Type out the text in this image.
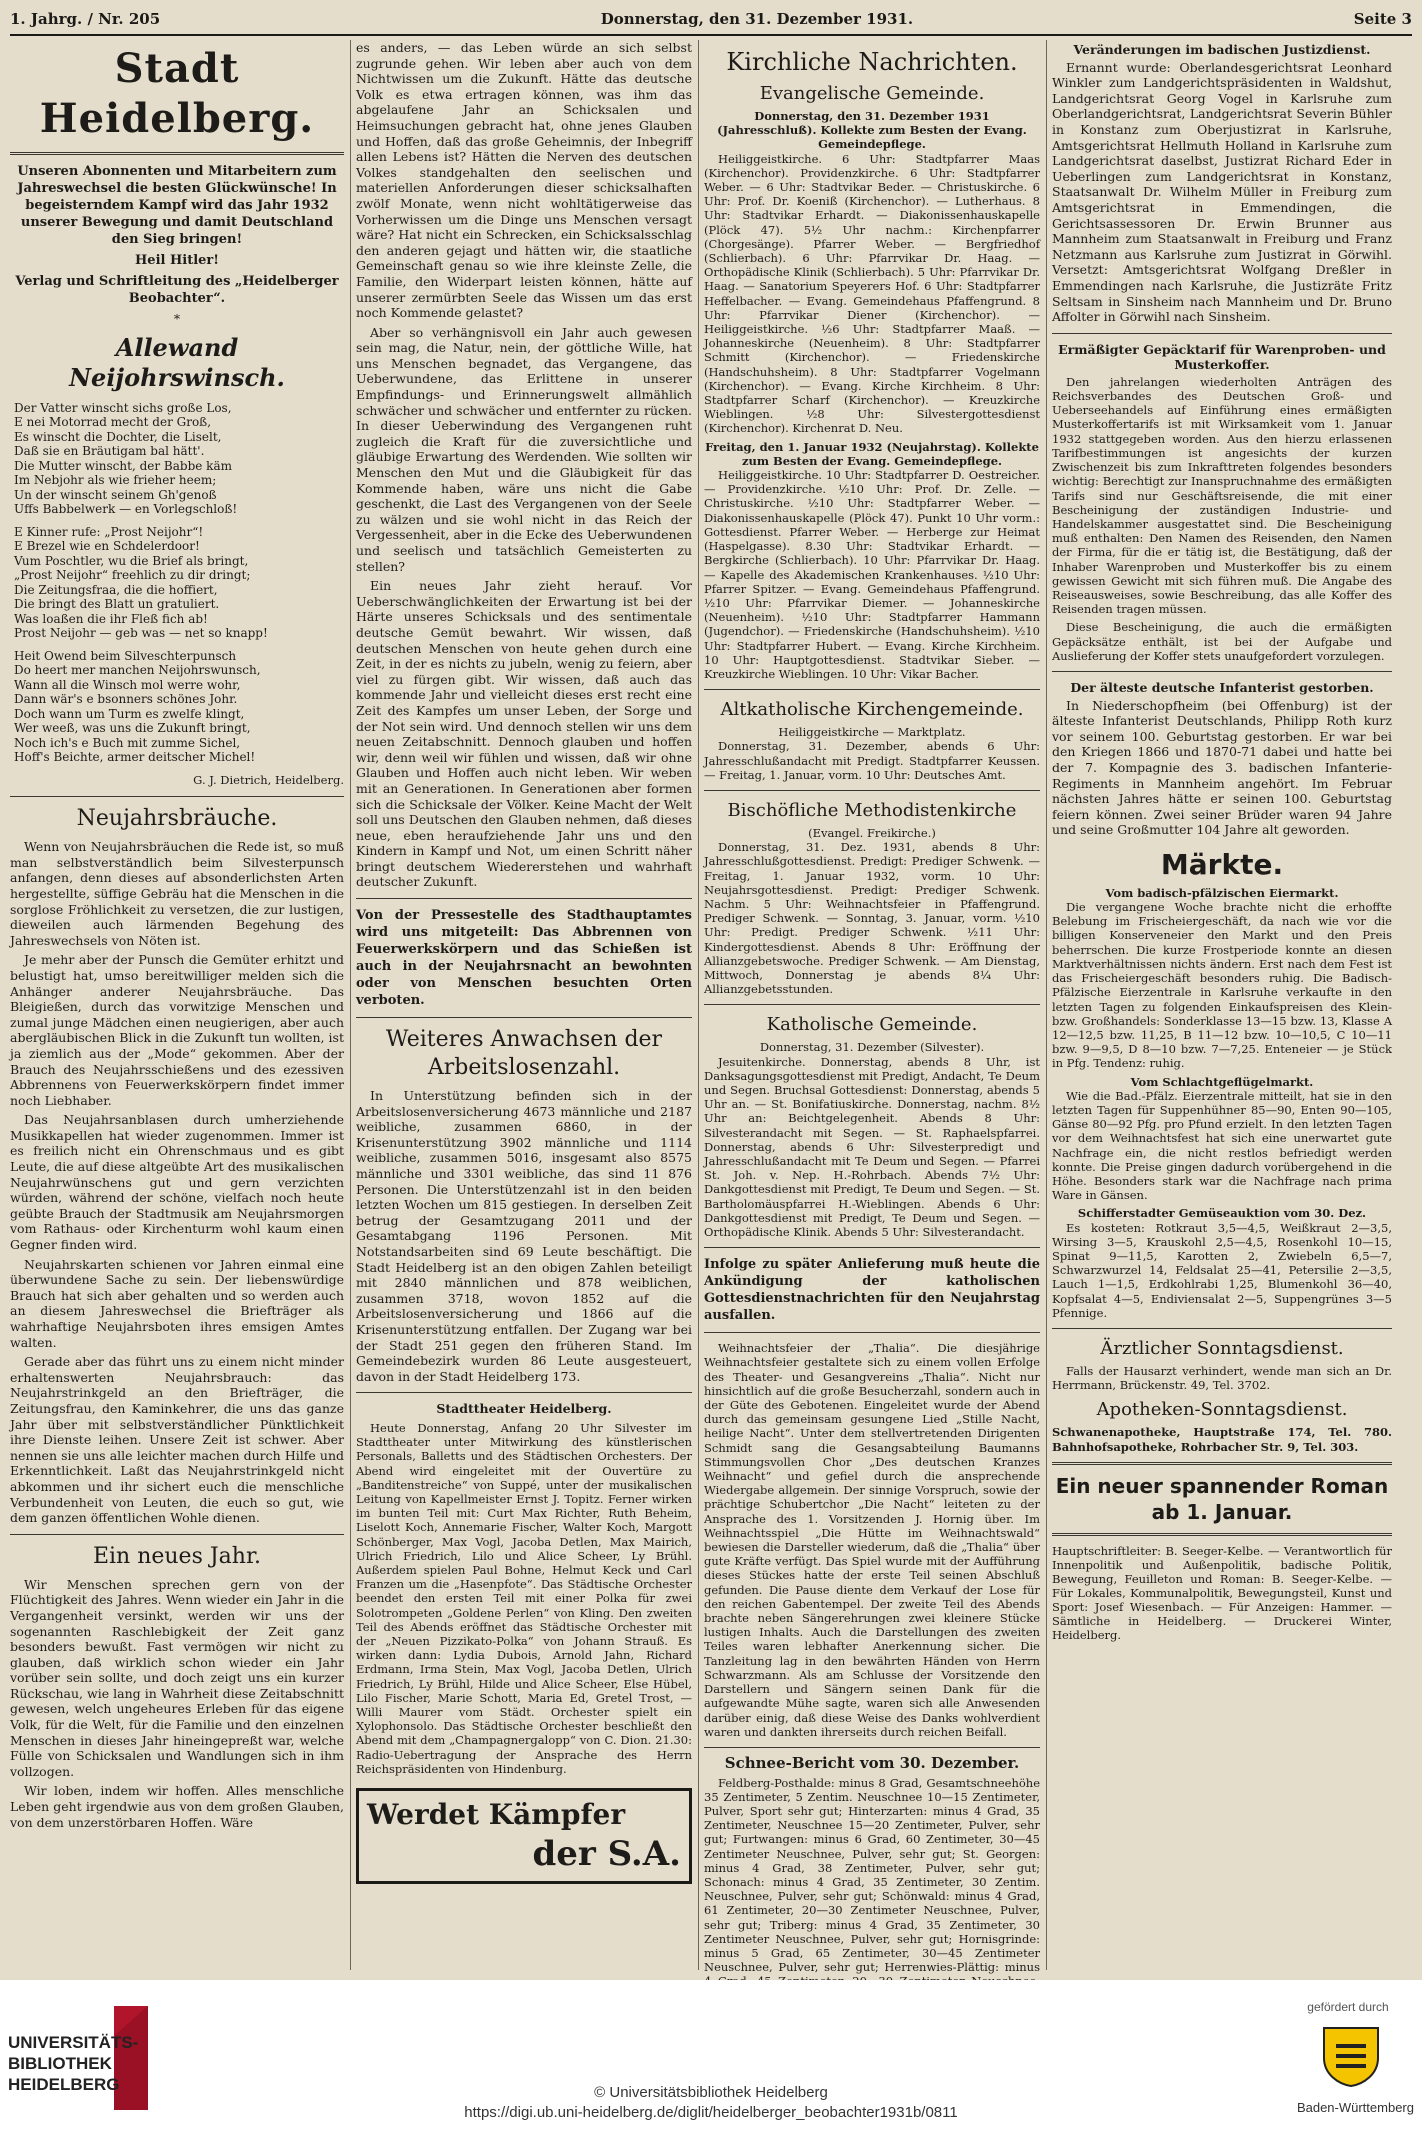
1. Jahrg. / Nr. 205	Donnerstag, den 31. Dezember 1931.	Seite 3
Stadt Heidelberg.
Unseren Abonnenten und Mitarbeitern zum Jahreswechsel die besten Glückwünsche! In begeisterndem Kampf wird das Jahr 1932 unserer Bewegung und damit Deutschland den Sieg bringen!
Heil Hitler!
Verlag und Schriftleitung des „Heidelberger Beobachter“.
*
Allewand Neijohrswinsch.
Der Vatter winscht sichs große Los,
E nei Motorrad mecht der Groß,
Es winscht die Dochter, die Liselt,
Daß sie en Bräutigam bal hätt'.
Die Mutter winscht, der Babbe käm
Im Nebjohr als wie frieher heem;
Un der winscht seinem Gh'genoß
Uffs Babbelwerk — en Vorlegschloß!
E Kinner rufe: „Prost Neijohr“!
E Brezel wie en Schdelerdoor!
Vum Poschtler, wu die Brief als bringt,
„Prost Neijohr“ freehlich zu dir dringt;
Die Zeitungsfraa, die die hoffiert,
Die bringt des Blatt un gratuliert.
Was loaßen die ihr Fleß fich ab!
Prost Neijohr — geb was — net so knapp!
Heit Owend beim Silveschterpunsch
Do heert mer manchen Neijohrswunsch,
Wann all die Winsch mol werre wohr,
Dann wär's e bsonners schönes Johr.
Doch wann um Turm es zwelfe klingt,
Wer weeß, was uns die Zukunft bringt,
Noch ich's e Buch mit zumme Sichel,
Hoff's Beichte, armer deitscher Michel!
G. J. Dietrich, Heidelberg.
Neujahrsbräuche.

Wenn von Neujahrsbräuchen die Rede ist, so muß man selbstverständlich beim Silvesterpunsch anfangen, denn dieses auf absonderlichsten Arten hergestellte, süffige Gebräu hat die Menschen in die sorglose Fröhlichkeit zu versetzen, die zur lustigen, dieweilen auch lärmenden Begehung des Jahreswechsels von Nöten ist.

Je mehr aber der Punsch die Gemüter erhitzt und belustigt hat, umso bereitwilliger melden sich die Anhänger anderer Neujahrsbräuche. Das Bleigießen, durch das vorwitzige Menschen und zumal junge Mädchen einen neugierigen, aber auch abergläubischen Blick in die Zukunft tun wollten, ist ja ziemlich aus der „Mode“ gekommen. Aber der Brauch des Neujahrsschießens und des ezessiven Abbrennens von Feuerwerkskörpern findet immer noch Liebhaber.

Das Neujahrsanblasen durch umherziehende Musikkapellen hat wieder zugenommen. Immer ist es freilich nicht ein Ohrenschmaus und es gibt Leute, die auf diese altgeübte Art des musikalischen Neujahrwünschens gut und gern verzichten würden, während der schöne, vielfach noch heute geübte Brauch der Stadtmusik am Neujahrsmorgen vom Rathaus- oder Kirchenturm wohl kaum einen Gegner finden wird.

Neujahrskarten schienen vor Jahren einmal eine überwundene Sache zu sein. Der liebenswürdige Brauch hat sich aber gehalten und so werden auch an diesem Jahreswechsel die Briefträger als wahrhaftige Neujahrsboten ihres emsigen Amtes walten.

Gerade aber das führt uns zu einem nicht minder erhaltenswerten Neujahrsbrauch: das Neujahrstrinkgeld an den Briefträger, die Zeitungsfrau, den Kaminkehrer, die uns das ganze Jahr über mit selbstverständlicher Pünktlichkeit ihre Dienste leihen. Unsere Zeit ist schwer. Aber nennen sie uns alle leichter machen durch Hilfe und Erkenntlichkeit. Laßt das Neujahrstrinkgeld nicht abkommen und ihr sichert euch die menschliche Verbundenheit von Leuten, die euch so gut, wie dem ganzen öffentlichen Wohle dienen.

Ein neues Jahr.

Wir Menschen sprechen gern von der Flüchtigkeit des Jahres. Wenn wieder ein Jahr in die Vergangenheit versinkt, werden wir uns der sogenannten Raschlebigkeit der Zeit ganz besonders bewußt. Fast vermögen wir nicht zu glauben, daß wirklich schon wieder ein Jahr vorüber sein sollte, und doch zeigt uns ein kurzer Rückschau, wie lang in Wahrheit diese Zeitabschnitt gewesen, welch ungeheures Erleben für das eigene Volk, für die Welt, für die Familie und den einzelnen Menschen in dieses Jahr hineingepreßt war, welche Fülle von Schicksalen und Wandlungen sich in ihm vollzogen.

Wir loben, indem wir hoffen. Alles menschliche Leben geht irgendwie aus von dem großen Glauben, von dem unzerstörbaren Hoffen. Wäre

es anders, — das Leben würde an sich selbst zugrunde gehen. Wir leben aber auch von dem Nichtwissen um die Zukunft. Hätte das deutsche Volk es etwa ertragen können, was ihm das abgelaufene Jahr an Schicksalen und Heimsuchungen gebracht hat, ohne jenes Glauben und Hoffen, daß das große Geheimnis, der Inbegriff allen Lebens ist? Hätten die Nerven des deutschen Volkes standgehalten den seelischen und materiellen Anforderungen dieser schicksalhaften zwölf Monate, wenn nicht wohltätigerweise das Vorherwissen um die Dinge uns Menschen versagt wäre? Hat nicht ein Schrecken, ein Schicksalsschlag den anderen gejagt und hätten wir, die staatliche Gemeinschaft genau so wie ihre kleinste Zelle, die Familie, den Widerpart leisten können, hätte auf unserer zermürbten Seele das Wissen um das erst noch Kommende gelastet?

Aber so verhängnisvoll ein Jahr auch gewesen sein mag, die Natur, nein, der göttliche Wille, hat uns Menschen begnadet, das Vergangene, das Ueberwundene, das Erlittene in unserer Empfindungs- und Erinnerungswelt allmählich schwächer und schwächer und entfernter zu rücken. In dieser Ueberwindung des Vergangenen ruht zugleich die Kraft für die zuversichtliche und gläubige Erwartung des Werdenden. Wie sollten wir Menschen den Mut und die Gläubigkeit für das Kommende haben, wäre uns nicht die Gabe geschenkt, die Last des Vergangenen von der Seele zu wälzen und sie wohl nicht in das Reich der Vergessenheit, aber in die Ecke des Ueberwundenen und seelisch und tatsächlich Gemeisterten zu stellen?

Ein neues Jahr zieht herauf. Vor Ueberschwänglichkeiten der Erwartung ist bei der Härte unseres Schicksals und des sentimentale deutsche Gemüt bewahrt. Wir wissen, daß deutschen Menschen von heute gehen durch eine Zeit, in der es nichts zu jubeln, wenig zu feiern, aber viel zu fürgen gibt. Wir wissen, daß auch das kommende Jahr und vielleicht dieses erst recht eine Zeit des Kampfes um unser Leben, der Sorge und der Not sein wird. Und dennoch stellen wir uns dem neuen Zeitabschnitt. Dennoch glauben und hoffen wir, denn weil wir fühlen und wissen, daß wir ohne Glauben und Hoffen auch nicht leben. Wir weben mit an Generationen. In Generationen aber formen sich die Schicksale der Völker. Keine Macht der Welt soll uns Deutschen den Glauben nehmen, daß dieses neue, eben heraufziehende Jahr uns und den Kindern in Kampf und Not, um einen Schritt näher bringt deutschem Wiedererstehen und wahrhaft deutscher Zukunft.

Von der Pressestelle des Stadthauptamtes wird uns mitgeteilt: Das Abbrennen von Feuerwerkskörpern und das Schießen ist auch in der Neujahrsnacht an bewohnten oder von Menschen besuchten Orten verboten.
Weiteres Anwachsen der Arbeitslosenzahl.

In Unterstützung befinden sich in der Arbeitslosenversicherung 4673 männliche und 2187 weibliche, zusammen 6860, in der Krisenunterstützung 3902 männliche und 1114 weibliche, zusammen 5016, insgesamt also 8575 männliche und 3301 weibliche, das sind 11 876 Personen. Die Unterstützenzahl ist in den beiden letzten Wochen um 815 gestiegen. In derselben Zeit betrug der Gesamtzugang 2011 und der Gesamtabgang 1196 Personen. Mit Notstandsarbeiten sind 69 Leute beschäftigt. Die Stadt Heidelberg ist an den obigen Zahlen beteiligt mit 2840 männlichen und 878 weiblichen, zusammen 3718, wovon 1852 auf die Arbeitslosenversicherung und 1866 auf die Krisenunterstützung entfallen. Der Zugang war bei der Stadt 251 gegen den früheren Stand. Im Gemeindebezirk wurden 86 Leute ausgesteuert, davon in der Stadt Heidelberg 173.

Stadttheater Heidelberg.

Heute Donnerstag, Anfang 20 Uhr Silvester im Stadttheater unter Mitwirkung des künstlerischen Personals, Balletts und des Städtischen Orchesters. Der Abend wird eingeleitet mit der Ouvertüre zu „Banditenstreiche“ von Suppé, unter der musikalischen Leitung von Kapellmeister Ernst J. Topitz. Ferner wirken im bunten Teil mit: Curt Max Richter, Ruth Beheim, Liselott Koch, Annemarie Fischer, Walter Koch, Margott Schönberger, Max Vogl, Jacoba Detlen, Max Mairich, Ulrich Friedrich, Lilo und Alice Scheer, Ly Brühl. Außerdem spielen Paul Bohne, Helmut Keck und Carl Franzen um die „Hasenpfote“. Das Städtische Orchester beendet den ersten Teil mit einer Polka für zwei Solotrompeten „Goldene Perlen“ von Kling. Den zweiten Teil des Abends eröffnet das Städtische Orchester mit der „Neuen Pizzikato-Polka“ von Johann Strauß. Es wirken dann: Lydia Dubois, Arnold Jahn, Richard Erdmann, Irma Stein, Max Vogl, Jacoba Detlen, Ulrich Friedrich, Ly Brühl, Hilde und Alice Scheer, Else Hübel, Lilo Fischer, Marie Schott, Maria Ed, Gretel Trost, — Willi Maurer vom Städt. Orchester spielt ein Xylophonsolo. Das Städtische Orchester beschließt den Abend mit dem „Champagnergalopp“ von C. Dion. 21.30: Radio-Uebertragung der Ansprache des Herrn Reichspräsidenten von Hindenburg.

Werdet Kämpfer
der S.A.
Kirchliche Nachrichten.
Evangelische Gemeinde.
Donnerstag, den 31. Dezember 1931 (Jahresschluß). Kollekte zum Besten der Evang. Gemeindepflege.

Heiliggeistkirche. 6 Uhr: Stadtpfarrer Maas (Kirchenchor). Providenzkirche. 6 Uhr: Stadtpfarrer Weber. — 6 Uhr: Stadtvikar Beder. — Christuskirche. 6 Uhr: Prof. Dr. Koeniß (Kirchenchor). — Lutherhaus. 8 Uhr: Stadtvikar Erhardt. — Diakonissenhauskapelle (Plöck 47). 5½ Uhr nachm.: Kirchenpfarrer (Chorgesänge). Pfarrer Weber. — Bergfriedhof (Schlierbach). 6 Uhr: Pfarrvikar Dr. Haag. — Orthopädische Klinik (Schlierbach). 5 Uhr: Pfarrvikar Dr. Haag. — Sanatorium Speyerers Hof. 6 Uhr: Stadtpfarrer Heffelbacher. — Evang. Gemeindehaus Pfaffengrund. 8 Uhr: Pfarrvikar Diener (Kirchenchor). — Heiliggeistkirche. ½6 Uhr: Stadtpfarrer Maaß. — Johanneskirche (Neuenheim). 8 Uhr: Stadtpfarrer Schmitt (Kirchenchor). — Friedenskirche (Handschuhsheim). 8 Uhr: Stadtpfarrer Vogelmann (Kirchenchor). — Evang. Kirche Kirchheim. 8 Uhr: Stadtpfarrer Scharf (Kirchenchor). — Kreuzkirche Wieblingen. ½8 Uhr: Silvestergottesdienst (Kirchenchor). Kirchenrat D. Neu.

Freitag, den 1. Januar 1932 (Neujahrstag). Kollekte zum Besten der Evang. Gemeindepflege.

Heiliggeistkirche. 10 Uhr: Stadtpfarrer D. Oestreicher. — Providenzkirche. ½10 Uhr: Prof. Dr. Zelle. — Christuskirche. ½10 Uhr: Stadtpfarrer Weber. — Diakonissenhauskapelle (Plöck 47). Punkt 10 Uhr vorm.: Gottesdienst. Pfarrer Weber. — Herberge zur Heimat (Haspelgasse). 8.30 Uhr: Stadtvikar Erhardt. — Bergkirche (Schlierbach). 10 Uhr: Pfarrvikar Dr. Haag. — Kapelle des Akademischen Krankenhauses. ½10 Uhr: Pfarrer Spitzer. — Evang. Gemeindehaus Pfaffengrund. ½10 Uhr: Pfarrvikar Diemer. — Johanneskirche (Neuenheim). ½10 Uhr: Stadtpfarrer Hammann (Jugendchor). — Friedenskirche (Handschuhsheim). ½10 Uhr: Stadtpfarrer Hubert. — Evang. Kirche Kirchheim. 10 Uhr: Hauptgottesdienst. Stadtvikar Sieber. — Kreuzkirche Wieblingen. 10 Uhr: Vikar Bacher.

Altkatholische Kirchengemeinde.
Heiliggeistkirche — Marktplatz.

Donnerstag, 31. Dezember, abends 6 Uhr: Jahresschlußandacht mit Predigt. Stadtpfarrer Keussen. — Freitag, 1. Januar, vorm. 10 Uhr: Deutsches Amt.

Bischöfliche Methodistenkirche
(Evangel. Freikirche.)

Donnerstag, 31. Dez. 1931, abends 8 Uhr: Jahresschlußgottesdienst. Predigt: Prediger Schwenk. — Freitag, 1. Januar 1932, vorm. 10 Uhr: Neujahrsgottesdienst. Predigt: Prediger Schwenk. Nachm. 5 Uhr: Weihnachtsfeier in Pfaffengrund. Prediger Schwenk. — Sonntag, 3. Januar, vorm. ½10 Uhr: Predigt. Prediger Schwenk. ½11 Uhr: Kindergottesdienst. Abends 8 Uhr: Eröffnung der Allianzgebetswoche. Prediger Schwenk. — Am Dienstag, Mittwoch, Donnerstag je abends 8¼ Uhr: Allianzgebetsstunden.

Katholische Gemeinde.
Donnerstag, 31. Dezember (Silvester).

Jesuitenkirche. Donnerstag, abends 8 Uhr, ist Danksagungsgottesdienst mit Predigt, Andacht, Te Deum und Segen. Bruchsal Gottesdienst: Donnerstag, abends 5 Uhr an. — St. Bonifatiuskirche. Donnerstag, nachm. 8½ Uhr an: Beichtgelegenheit. Abends 8 Uhr: Silvesterandacht mit Segen. — St. Raphaelspfarrei. Donnerstag, abends 6 Uhr: Silvesterpredigt und Jahresschlußandacht mit Te Deum und Segen. — Pfarrei St. Joh. v. Nep. H.-Rohrbach. Abends 7½ Uhr: Dankgottesdienst mit Predigt, Te Deum und Segen. — St. Bartholomäuspfarrei H.-Wieblingen. Abends 6 Uhr: Dankgottesdienst mit Predigt, Te Deum und Segen. — Orthopädische Klinik. Abends 5 Uhr: Silvesterandacht.

Infolge zu später Anlieferung muß heute die Ankündigung der katholischen Gottesdienstnachrichten für den Neujahrstag ausfallen.

Weihnachtsfeier der „Thalia“. Die diesjährige Weihnachtsfeier gestaltete sich zu einem vollen Erfolge des Theater- und Gesangvereins „Thalia“. Nicht nur hinsichtlich auf die große Besucherzahl, sondern auch in der Güte des Gebotenen. Eingeleitet wurde der Abend durch das gemeinsam gesungene Lied „Stille Nacht, heilige Nacht“. Unter dem stellvertretenden Dirigenten Schmidt sang die Gesangsabteilung Baumanns Stimmungsvollen Chor „Des deutschen Kranzes Weihnacht“ und gefiel durch die ansprechende Wiedergabe allgemein. Der sinnige Vorspruch, sowie der prächtige Schubertchor „Die Nacht“ leiteten zu der Ansprache des 1. Vorsitzenden J. Hornig über. Im Weihnachtsspiel „Die Hütte im Weihnachtswald“ bewiesen die Darsteller wiederum, daß die „Thalia“ über gute Kräfte verfügt. Das Spiel wurde mit der Aufführung dieses Stückes hatte der erste Teil seinen Abschluß gefunden. Die Pause diente dem Verkauf der Lose für den reichen Gabentempel. Der zweite Teil des Abends brachte neben Sängerehrungen zwei kleinere Stücke lustigen Inhalts. Auch die Darstellungen des zweiten Teiles waren lebhafter Anerkennung sicher. Die Tanzleitung lag in den bewährten Händen von Herrn Schwarzmann. Als am Schlusse der Vorsitzende den Darstellern und Sängern seinen Dank für die aufgewandte Mühe sagte, waren sich alle Anwesenden darüber einig, daß diese Weise des Danks wohlverdient waren und dankten ihrerseits durch reichen Beifall.

Schnee-Bericht vom 30. Dezember.

Feldberg-Posthalde: minus 8 Grad, Gesamtschneehöhe 35 Zentimeter, 5 Zentim. Neuschnee 10—15 Zentimeter, Pulver, Sport sehr gut; Hinterzarten: minus 4 Grad, 35 Zentimeter, Neuschnee 15—20 Zentimeter, Pulver, sehr gut; Furtwangen: minus 6 Grad, 60 Zentimeter, 30—45 Zentimeter Neuschnee, Pulver, sehr gut; St. Georgen: minus 4 Grad, 38 Zentimeter, Pulver, sehr gut; Schonach: minus 4 Grad, 35 Zentimeter, 30 Zentim. Neuschnee, Pulver, sehr gut; Schönwald: minus 4 Grad, 61 Zentimeter, 20—30 Zentimeter Neuschnee, Pulver, sehr gut; Triberg: minus 4 Grad, 35 Zentimeter, 30 Zentimeter Neuschnee, Pulver, sehr gut; Hornisgrinde: minus 5 Grad, 65 Zentimeter, 30—45 Zentimeter Neuschnee, Pulver, sehr gut; Herrenwies-Plättig: minus

Veränderungen im badischen Justizdienst.

Ernannt wurde: Oberlandesgerichtsrat Leonhard Winkler zum Landgerichtspräsidenten in Waldshut, Landgerichtsrat Georg Vogel in Karlsruhe zum Oberlandgerichtsrat, Landgerichtsrat Severin Bühler in Konstanz zum Oberjustizrat in Karlsruhe, Amtsgerichtsrat Hellmuth Holland in Karlsruhe zum Landgerichtsrat daselbst, Justizrat Richard Eder in Ueberlingen zum Landgerichtsrat in Konstanz, Staatsanwalt Dr. Wilhelm Müller in Freiburg zum Amtsgerichtsrat in Emmendingen, die Gerichtsassessoren Dr. Erwin Brunner aus Mannheim zum Staatsanwalt in Freiburg und Franz Netzmann aus Karlsruhe zum Justizrat in Görwihl. Versetzt: Amtsgerichtsrat Wolfgang Dreßler in Emmendingen nach Karlsruhe, die Justizräte Fritz Seltsam in Sinsheim nach Mannheim und Dr. Bruno Affolter in Görwihl nach Sinsheim.

Ermäßigter Gepäcktarif für Warenproben- und Musterkoffer.

Den jahrelangen wiederholten Anträgen des Reichsverbandes des Deutschen Groß- und Ueberseehandels auf Einführung eines ermäßigten Musterkoffertarifs ist mit Wirksamkeit vom 1. Januar 1932 stattgegeben worden. Aus den hierzu erlassenen Tarifbestimmungen ist angesichts der kurzen Zwischenzeit bis zum Inkrafttreten folgendes besonders wichtig: Berechtigt zur Inanspruchnahme des ermäßigten Tarifs sind nur Geschäftsreisende, die mit einer Bescheinigung der zuständigen Industrie- und Handelskammer ausgestattet sind. Die Bescheinigung muß enthalten: Den Namen des Reisenden, den Namen der Firma, für die er tätig ist, die Bestätigung, daß der Inhaber Warenproben und Musterkoffer bis zu einem gewissen Gewicht mit sich führen muß. Die Angabe des Reiseausweises, sowie Beschreibung, das alle Koffer des Reisenden tragen müssen.

Diese Bescheinigung, die auch die ermäßigten Gepäcksätze enthält, ist bei der Aufgabe und Auslieferung der Koffer stets unaufgefordert vorzulegen.

Der älteste deutsche Infanterist gestorben.

In Niederschopfheim (bei Offenburg) ist der älteste Infanterist Deutschlands, Philipp Roth kurz vor seinem 100. Geburtstag gestorben. Er war bei den Kriegen 1866 und 1870-71 dabei und hatte bei der 7. Kompagnie des 3. badischen Infanterie-Regiments in Mannheim angehört. Im Februar nächsten Jahres hätte er seinen 100. Geburtstag feiern können. Zwei seiner Brüder waren 94 Jahre und seine Großmutter 104 Jahre alt geworden.

Märkte.
Vom badisch-pfälzischen Eiermarkt.

Die vergangene Woche brachte nicht die erhoffte Belebung im Frischeiergeschäft, da nach wie vor die billigen Konserveneier den Markt und den Preis beherrschen. Die kurze Frostperiode konnte an diesen Marktverhältnissen nichts ändern. Erst nach dem Fest ist das Frischeiergeschäft besonders ruhig. Die Badisch-Pfälzische Eierzentrale in Karlsruhe verkaufte in den letzten Tagen zu folgenden Einkaufspreisen des Klein- bzw. Großhandels: Sonderklasse 13—15 bzw. 13, Klasse A 12—12,5 bzw. 11,25, B 11—12 bzw. 10—10,5, C 10—11 bzw. 9—9,5, D 8—10 bzw. 7—7,25. Enteneier — je Stück in Pfg. Tendenz: ruhig.

Vom Schlachtgeflügelmarkt.

Wie die Bad.-Pfälz. Eierzentrale mitteilt, hat sie in den letzten Tagen für Suppenhühner 85—90, Enten 90—105, Gänse 80—92 Pfg. pro Pfund erzielt. In den letzten Tagen vor dem Weihnachtsfest hat sich eine unerwartet gute Nachfrage ein, die nicht restlos befriedigt werden konnte. Die Preise gingen dadurch vorübergehend in die Höhe. Besonders stark war die Nachfrage nach prima Ware in Gänsen.

Schifferstadter Gemüseauktion vom 30. Dez.

Es kosteten: Rotkraut 3,5—4,5, Weißkraut 2—3,5, Wirsing 3—5, Krauskohl 2,5—4,5, Rosenkohl 10—15, Spinat 9—11,5, Karotten 2, Zwiebeln 6,5—7, Schwarzwurzel 14, Feldsalat 25—41, Petersilie 2—3,5, Lauch 1—1,5, Erdkohlrabi 1,25, Blumenkohl 36—40, Kopfsalat 4—5, Endiviensalat 2—5, Suppengrünes 3—5 Pfennige.

Ärztlicher Sonntagsdienst.

Falls der Hausarzt verhindert, wende man sich an Dr. Herrmann, Brückenstr. 49, Tel. 3702.

Apotheken-Sonntagsdienst.

Schwanenapotheke, Hauptstraße 174, Tel. 780. Bahnhofsapotheke, Rohrbacher Str. 9, Tel. 303.

Ein neuer spannender Roman ab 1. Januar.
Hauptschriftleiter: B. Seeger-Kelbe. — Verantwortlich für Innenpolitik und Außenpolitik, badische Politik, Bewegung, Feuilleton und Roman: B. Seeger-Kelbe. — Für Lokales, Kommunalpolitik, Bewegungsteil, Kunst und Sport: Josef Wiesenbach. — Für Anzeigen: Hammer. — Sämtliche in Heidelberg. — Druckerei Winter, Heidelberg.
UNIVERSITÄTS-
BIBLIOTHEK
HEIDELBERG	© Universitätsbibliothek Heidelberg
https://digi.ub.uni-heidelberg.de/diglit/heidelberger_beobachter1931b/0811
gefördert durch
Baden-Württemberg
